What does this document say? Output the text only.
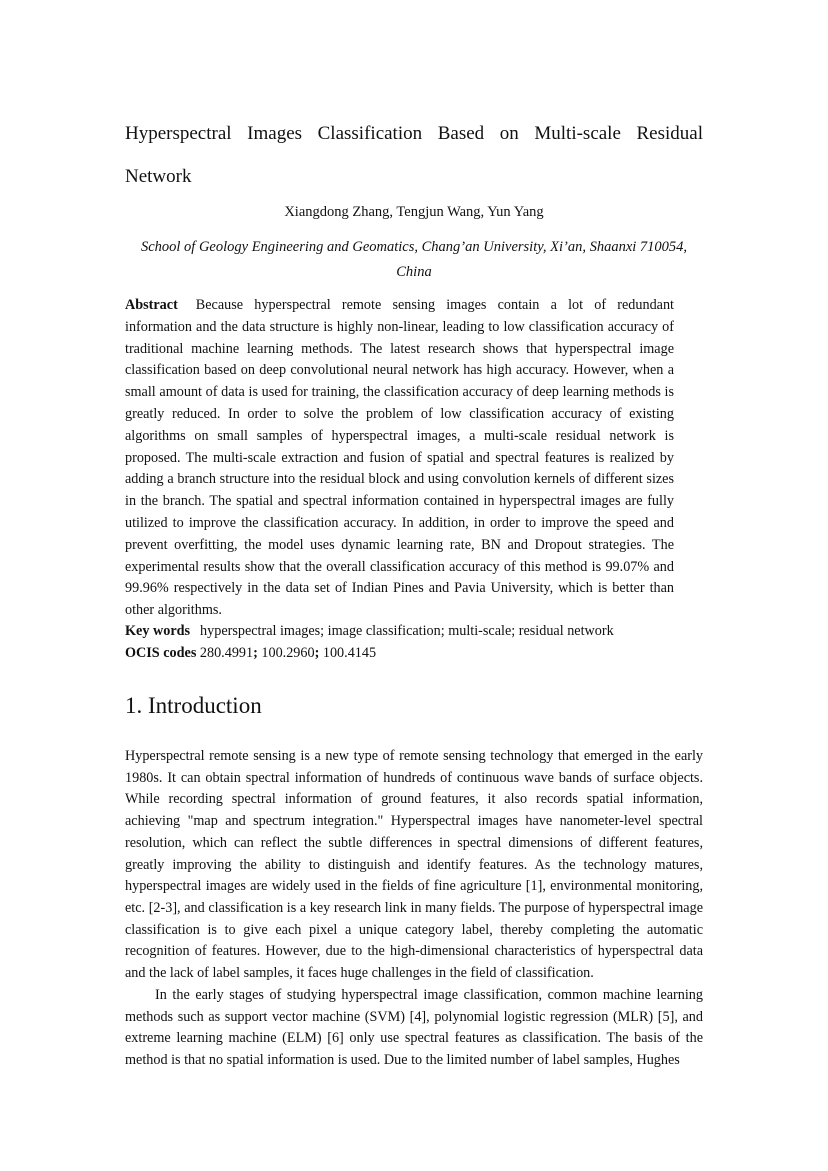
Hyperspectral Images Classification Based on Multi-scale Residual Network
Xiangdong Zhang, Tengjun Wang, Yun Yang
School of Geology Engineering and Geomatics, Chang’an University, Xi’an, Shaanxi 710054, China

Abstract Because hyperspectral remote sensing images contain a lot of redundant information and the data structure is highly non-linear, leading to low classification accuracy of traditional machine learning methods. The latest research shows that hyperspectral image classification based on deep convolutional neural network has high accuracy. However, when a small amount of data is used for training, the classification accuracy of deep learning methods is greatly reduced. In order to solve the problem of low classification accuracy of existing algorithms on small samples of hyperspectral images, a multi-scale residual network is proposed. The multi-scale extraction and fusion of spatial and spectral features is realized by adding a branch structure into the residual block and using convolution kernels of different sizes in the branch. The spatial and spectral information contained in hyperspectral images are fully utilized to improve the classification accuracy. In addition, in order to improve the speed and prevent overfitting, the model uses dynamic learning rate, BN and Dropout strategies. The experimental results show that the overall classification accuracy of this method is 99.07% and 99.96% respectively in the data set of Indian Pines and Pavia University, which is better than other algorithms.

Key words hyperspectral images; image classification; multi-scale; residual network

OCIS codes 280.4991; 100.2960; 100.4145

1. Introduction

Hyperspectral remote sensing is a new type of remote sensing technology that emerged in the early 1980s. It can obtain spectral information of hundreds of continuous wave bands of surface objects. While recording spectral information of ground features, it also records spatial information, achieving "map and spectrum integration." Hyperspectral images have nanometer-level spectral resolution, which can reflect the subtle differences in spectral dimensions of different features, greatly improving the ability to distinguish and identify features. As the technology matures, hyperspectral images are widely used in the fields of fine agriculture [1], environmental monitoring, etc. [2-3], and classification is a key research link in many fields. The purpose of hyperspectral image classification is to give each pixel a unique category label, thereby completing the automatic recognition of features. However, due to the high-dimensional characteristics of hyperspectral data and the lack of label samples, it faces huge challenges in the field of classification.

In the early stages of studying hyperspectral image classification, common machine learning methods such as support vector machine (SVM) [4], polynomial logistic regression (MLR) [5], and extreme learning machine (ELM) [6] only use spectral features as classification. The basis of the method is that no spatial information is used. Due to the limited number of label samples, Hughes
